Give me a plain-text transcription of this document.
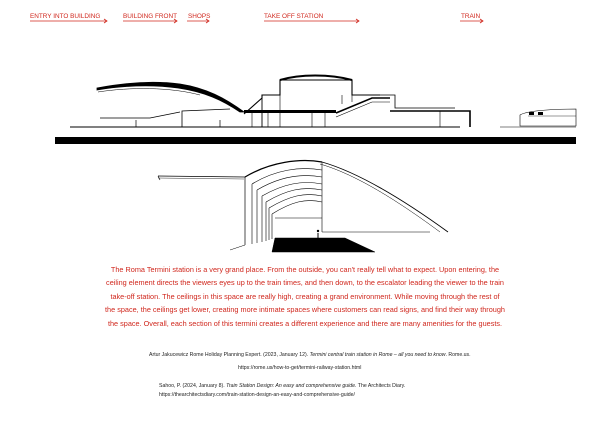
ENTRY INTO BUILDING	BUILDING FRONT SHOPS	TAKE OFF STATION	TRAIN
The Roma Termini station is a very grand place. From the outside, you can't really tell what to expect. Upon entering, the ceiling element directs the viewers eyes up to the train times, and then down, to the escalator leading the viewer to the train take-off station. The ceilings in this space are really high, creating a grand environment. While moving through the rest of the space, the ceilings get lower, creating more intimate spaces where customers can read signs, and find their way through the space. Overall, each section of this termini creates a different experience and there are many amenities for the guests.
Artur Jakucewicz Rome Holiday Planning Expert. (2023, January 12). Termini central train station in Rome – all you need to know. Rome.us.
https://rome.us/how-to-get/termini-railway-station.html
Sahoo, P. (2024, January 8). Train Station Design: An easy and comprehensive guide. The Architects Diary.
https://thearchitectsdiary.com/train-station-design-an-easy-and-comprehensive-guide/
